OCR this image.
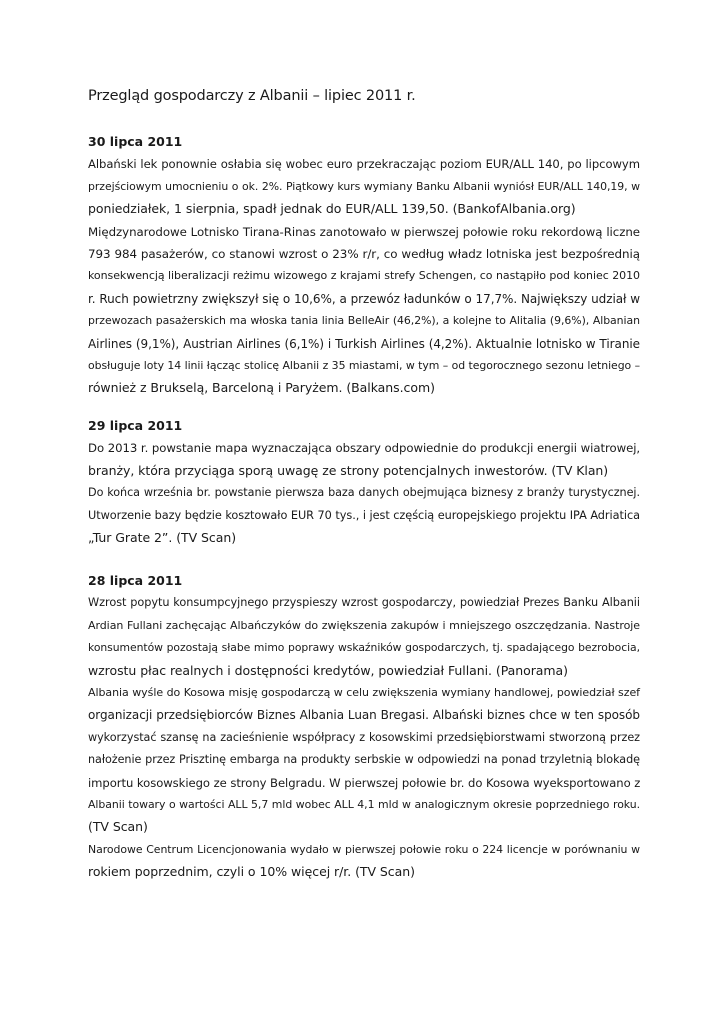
Przegląd gospodarczy z Albanii – lipiec 2011 r.
30 lipca 2011
Albański lek ponownie osłabia się wobec euro przekraczając poziom EUR/ALL 140, po lipcowym
przejściowym umocnieniu o ok. 2%. Piątkowy kurs wymiany Banku Albanii wyniósł EUR/ALL 140,19, w
poniedziałek, 1 sierpnia, spadł jednak do EUR/ALL 139,50. (BankofAlbania.org)
Międzynarodowe Lotnisko Tirana-Rinas zanotowało w pierwszej połowie roku rekordową liczne
793 984 pasażerów, co stanowi wzrost o 23% r/r, co według władz lotniska jest bezpośrednią
konsekwencją liberalizacji reżimu wizowego z krajami strefy Schengen, co nastąpiło pod koniec 2010
r. Ruch powietrzny zwiększył się o 10,6%, a przewóz ładunków o 17,7%. Największy udział w
przewozach pasażerskich ma włoska tania linia BelleAir (46,2%), a kolejne to Alitalia (9,6%), Albanian
Airlines (9,1%), Austrian Airlines (6,1%) i Turkish Airlines (4,2%). Aktualnie lotnisko w Tiranie
obsługuje loty 14 linii łącząc stolicę Albanii z 35 miastami, w tym – od tegorocznego sezonu letniego –
również z Brukselą, Barceloną i Paryżem. (Balkans.com)
29 lipca 2011
Do 2013 r. powstanie mapa wyznaczająca obszary odpowiednie do produkcji energii wiatrowej,
branży, która przyciąga sporą uwagę ze strony potencjalnych inwestorów. (TV Klan)
Do końca września br. powstanie pierwsza baza danych obejmująca biznesy z branży turystycznej.
Utworzenie bazy będzie kosztowało EUR 70 tys., i jest częścią europejskiego projektu IPA Adriatica
„Tur Grate 2”. (TV Scan)
28 lipca 2011
Wzrost popytu konsumpcyjnego przyspieszy wzrost gospodarczy, powiedział Prezes Banku Albanii
Ardian Fullani zachęcając Albańczyków do zwiększenia zakupów i mniejszego oszczędzania. Nastroje
konsumentów pozostają słabe mimo poprawy wskaźników gospodarczych, tj. spadającego bezrobocia,
wzrostu płac realnych i dostępności kredytów, powiedział Fullani. (Panorama)
Albania wyśle do Kosowa misję gospodarczą w celu zwiększenia wymiany handlowej, powiedział szef
organizacji przedsiębiorców Biznes Albania Luan Bregasi. Albański biznes chce w ten sposób
wykorzystać szansę na zacieśnienie współpracy z kosowskimi przedsiębiorstwami stworzoną przez
nałożenie przez Prisztinę embarga na produkty serbskie w odpowiedzi na ponad trzyletnią blokadę
importu kosowskiego ze strony Belgradu. W pierwszej połowie br. do Kosowa wyeksportowano z
Albanii towary o wartości ALL 5,7 mld wobec ALL 4,1 mld w analogicznym okresie poprzedniego roku.
(TV Scan)
Narodowe Centrum Licencjonowania wydało w pierwszej połowie roku o 224 licencje w porównaniu w
rokiem poprzednim, czyli o 10% więcej r/r. (TV Scan)
